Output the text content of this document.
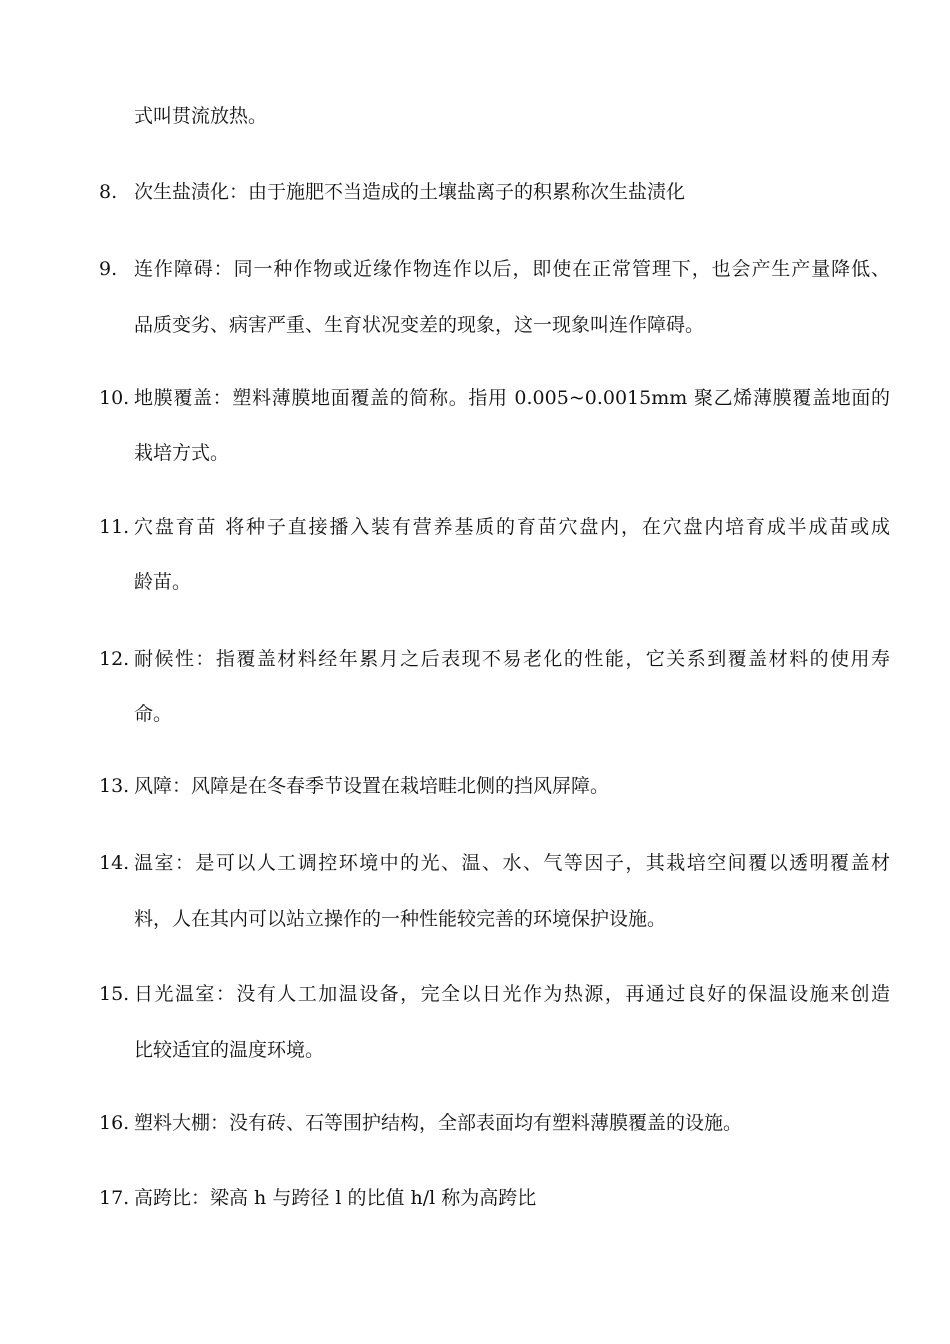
式叫贯流放热。
8. 次生盐渍化：由于施肥不当造成的土壤盐离子的积累称次生盐渍化
9. 连作障碍：同一种作物或近缘作物连作以后，即使在正常管理下，也会产生产量降低、
品质变劣、病害严重、生育状况变差的现象，这一现象叫连作障碍。
10. 地膜覆盖：塑料薄膜地面覆盖的简称。指用 0.005~0.0015mm 聚乙烯薄膜覆盖地面的
栽培方式。
11. 穴盘育苗 将种子直接播入装有营养基质的育苗穴盘内，在穴盘内培育成半成苗或成
龄苗。
12. 耐候性：指覆盖材料经年累月之后表现不易老化的性能，它关系到覆盖材料的使用寿
命。
13. 风障：风障是在冬春季节设置在栽培畦北侧的挡风屏障。
14. 温室：是可以人工调控环境中的光、温、水、气等因子，其栽培空间覆以透明覆盖材
料，人在其内可以站立操作的一种性能较完善的环境保护设施。
15. 日光温室：没有人工加温设备，完全以日光作为热源，再通过良好的保温设施来创造
比较适宜的温度环境。
16. 塑料大棚：没有砖、石等围护结构，全部表面均有塑料薄膜覆盖的设施。
17. 高跨比：梁高 h 与跨径 l 的比值 h/l 称为高跨比
